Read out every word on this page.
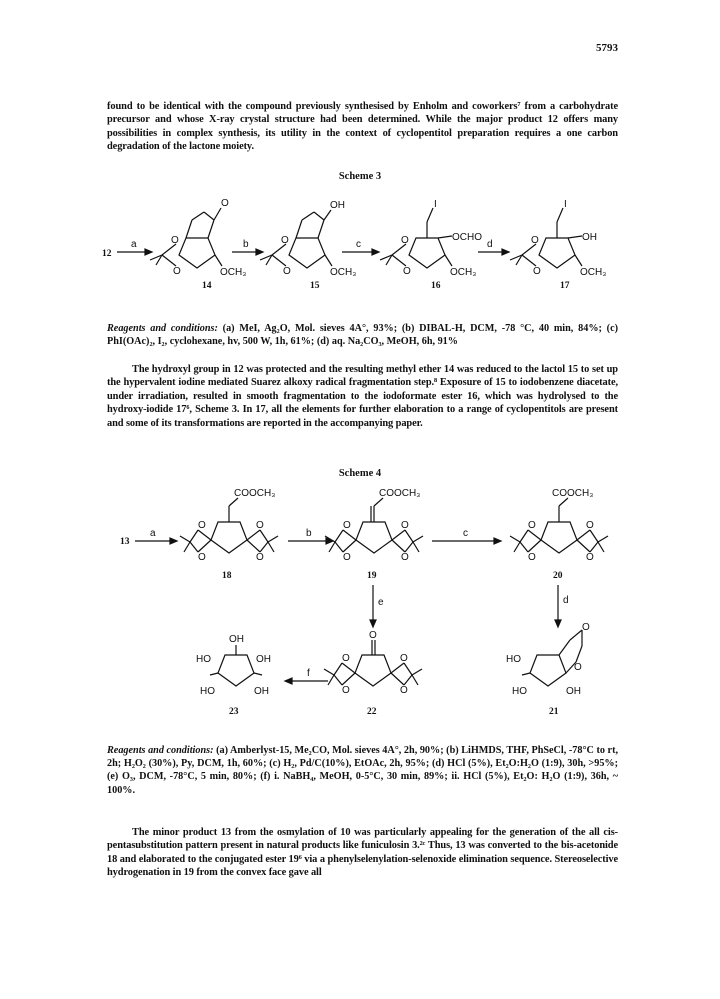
5793

found to be identical with the compound previously synthesised by Enholm and coworkers⁷ from a carbohydrate precursor and whose X-ray crystal structure had been determined. While the major product 12 offers many possibilities in complex synthesis, its utility in the context of cyclopentitol preparation requires a one carbon degradation of the lactone moiety.

Scheme 3
12
a
O
O
O	OCH₃
14
b
OH
O
O	OCH₃
15
c
I
OCHO
O
O	OCH₃
16
d
I
OH
O
O	OCH₃
17
Reagents and conditions: (a) MeI, Ag₂O, Mol. sieves 4A°, 93%; (b) DIBAL-H, DCM, -78 °C, 40 min, 84%; (c) PhI(OAc)₂, I₂, cyclohexane, hv, 500 W, 1h, 61%; (d) aq. Na₂CO₃, MeOH, 6h, 91%

The hydroxyl group in 12 was protected and the resulting methyl ether 14 was reduced to the lactol 15 to set up the hypervalent iodine mediated Suarez alkoxy radical fragmentation step.⁸ Exposure of 15 to iodobenzene diacetate, under irradiation, resulted in smooth fragmentation to the iodoformate ester 16, which was hydrolysed to the hydroxy-iodide 17⁶, Scheme 3. In 17, all the elements for further elaboration to a range of cyclopentitols are present and some of its transformations are reported in the accompanying paper.

Scheme 4
13
a
COOCH₃
O
O
O
O
18
b
COOCH₃
O
O
O
O
19
c
COOCH₃
O
O
O
O
20
e	d
OH
HO	OH
HO	OH
23
f
O
O
O
O
O
22
O
O
HO
HO	OH
21
Reagents and conditions: (a) Amberlyst-15, Me₂CO, Mol. sieves 4A°, 2h, 90%; (b) LiHMDS, THF, PhSeCl, -78°C to rt, 2h; H₂O₂ (30%), Py, DCM, 1h, 60%; (c) H₂, Pd/C(10%), EtOAc, 2h, 95%; (d) HCl (5%), Et₂O:H₂O (1:9), 30h, >95%; (e) O₃, DCM, -78°C, 5 min, 80%; (f) i. NaBH₄, MeOH, 0-5°C, 30 min, 89%; ii. HCl (5%), Et₂O: H₂O (1:9), 36h, ~ 100%.

The minor product 13 from the osmylation of 10 was particularly appealing for the generation of the all cis-pentasubstitution pattern present in natural products like funiculosin 3.²ᶜ Thus, 13 was converted to the bis-acetonide 18 and elaborated to the conjugated ester 19⁶ via a phenylselenylation-selenoxide elimination sequence. Stereoselective hydrogenation in 19 from the convex face gave all
